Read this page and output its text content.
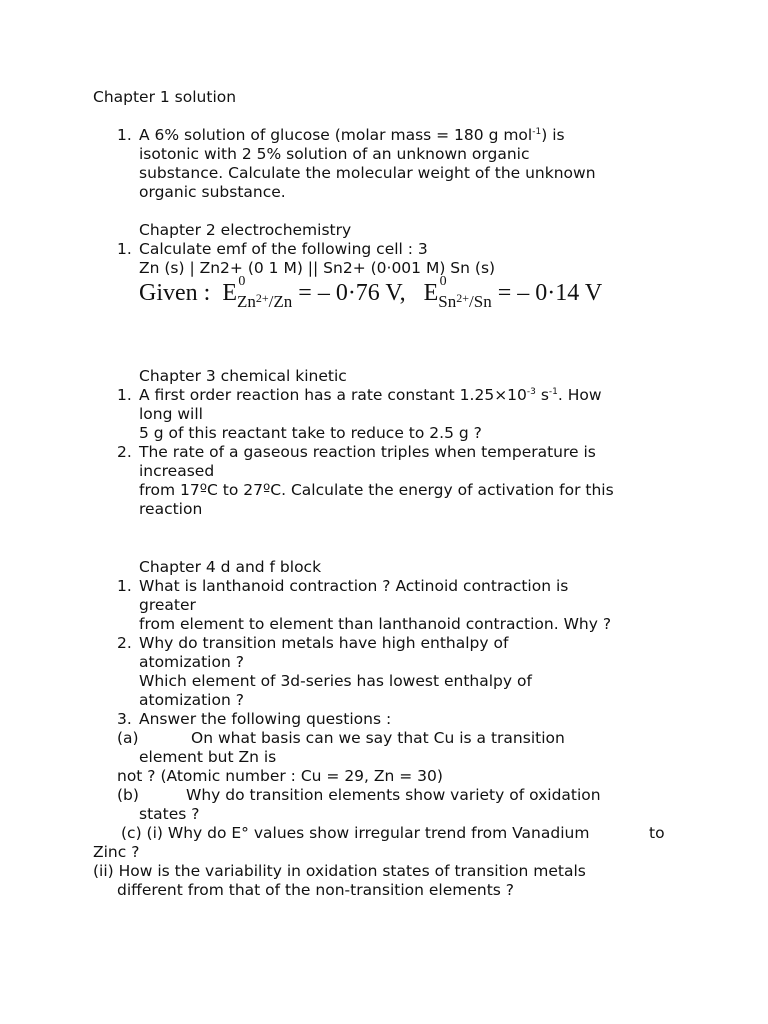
Chapter 1 solution
1. A 6% solution of glucose (molar mass = 180 g mol$^{-1}$) is
isotonic with 2 5% solution of an unknown organic
substance. Calculate the molecular weight of the unknown
organic substance.
Chapter 2 electrochemistry
1. Calculate emf of the following cell : 3
Zn (s) | Zn2+ (0 1 M) || Sn2+ (0·001 M) Sn (s)
Given : E 0
$_{Zn^{2+}/Zn}$ = – 0·76 V, E 0
$_{Sn^{2+}/Sn}$ = – 0·14 V
Chapter 3 chemical kinetic
1. A first order reaction has a rate constant $1.25\times 10^{-3}$ $s^{-1}$. How
long will
5 g of this reactant take to reduce to 2.5 g ?
2. The rate of a gaseous reaction triples when temperature is
increased
from 17ºC to 27ºC. Calculate the energy of activation for this
reaction
Chapter 4 d and f block
1. What is lanthanoid contraction ? Actinoid contraction is
greater
from element to element than lanthanoid contraction. Why ?
2. Why do transition metals have high enthalpy of
atomization ?
Which element of 3d-series has lowest enthalpy of
atomization ?
3. Answer the following questions :
(a)	On what basis can we say that Cu is a transition
element but Zn is
not ? (Atomic number : Cu = 29, Zn = 30)
(b)	Why do transition elements show variety of oxidation
states ?
(c) (i) Why do E° values show irregular trend from Vanadium	to
Zinc ?
(ii) How is the variability in oxidation states of transition metals
different from that of the non-transition elements ?
